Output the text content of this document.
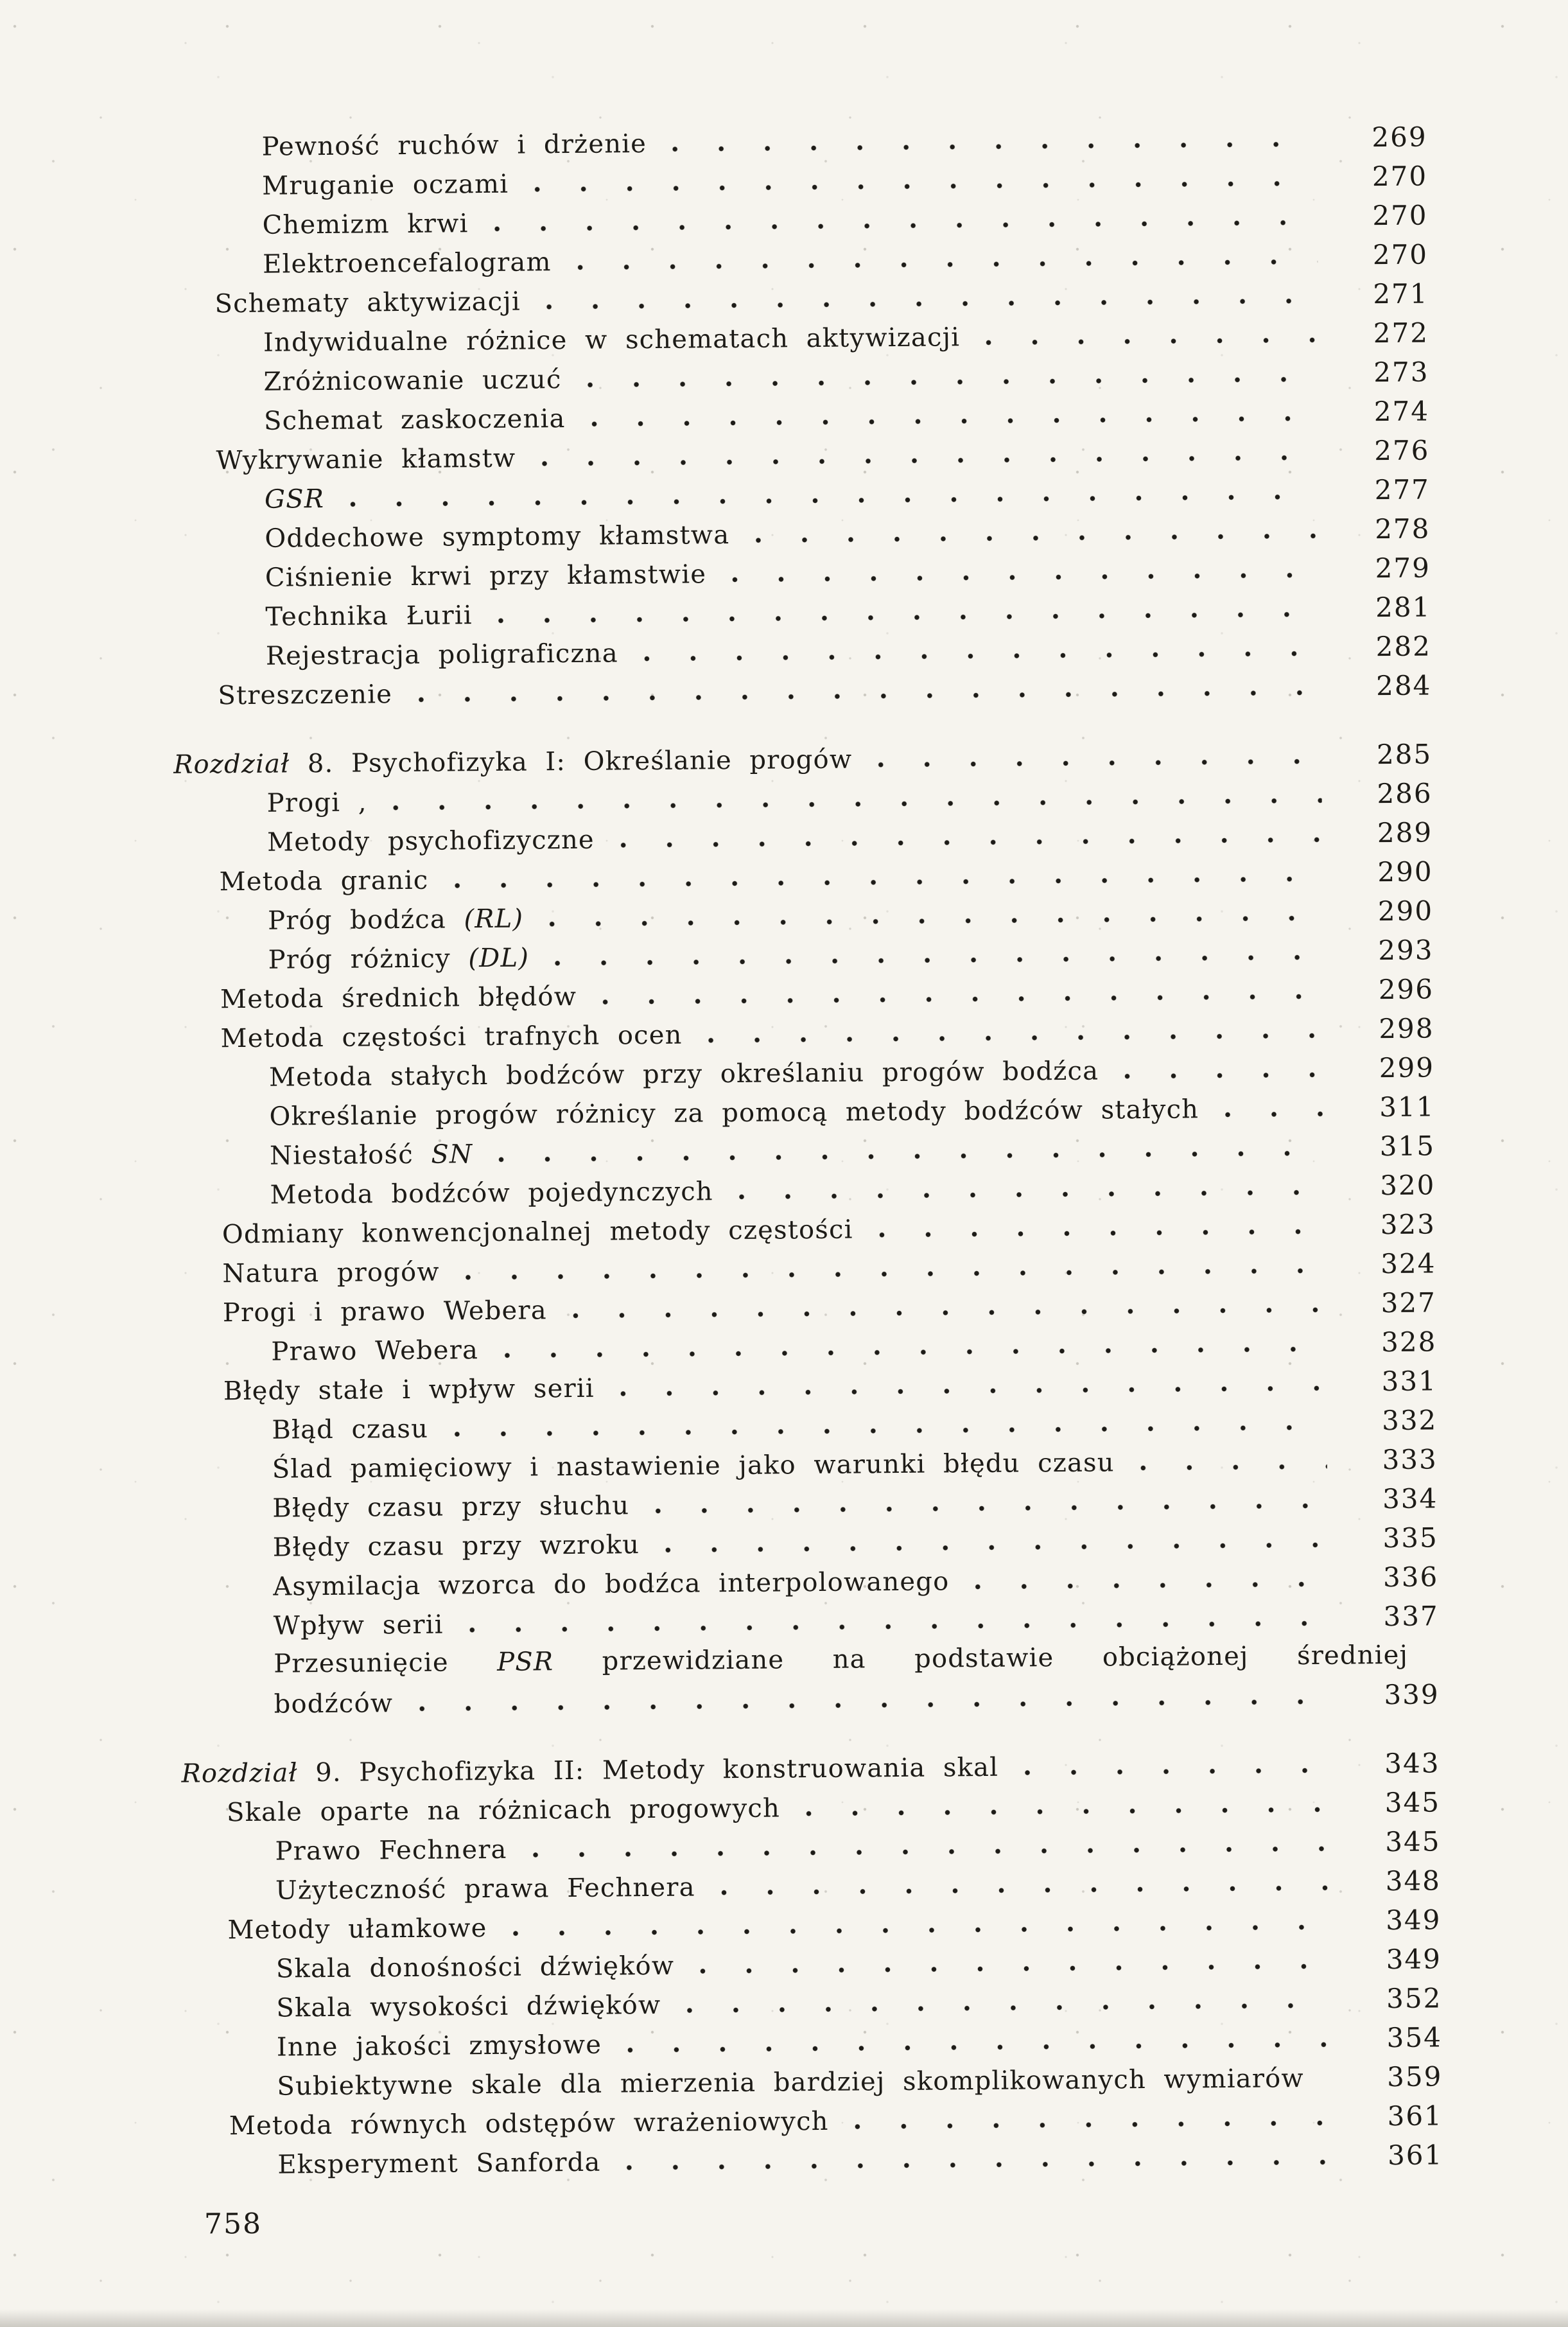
Pewność ruchów i drżenie	269
Mruganie oczami	270
Chemizm krwi	270
Elektroencefalogram	270
Schematy aktywizacji	271
Indywidualne różnice w schematach aktywizacji	272
Zróżnicowanie uczuć	273
Schemat zaskoczenia	274
Wykrywanie kłamstw	276
GSR	277
Oddechowe symptomy kłamstwa	278
Ciśnienie krwi przy kłamstwie	279
Technika Łurii	281
Rejestracja poligraficzna	282
Streszczenie	284
Rozdział 8. Psychofizyka I: Określanie progów	285
Progi ,	286
Metody psychofizyczne	289
Metoda granic	290
Próg bodźca (RL)	290
Próg różnicy (DL)	293
Metoda średnich błędów	296
Metoda częstości trafnych ocen	298
Metoda stałych bodźców przy określaniu progów bodźca	299
Określanie progów różnicy za pomocą metody bodźców stałych	311
Niestałość SN	315
Metoda bodźców pojedynczych	320
Odmiany konwencjonalnej metody częstości	323
Natura progów	324
Progi i prawo Webera	327
Prawo Webera	328
Błędy stałe i wpływ serii	331
Błąd czasu	332
Ślad pamięciowy i nastawienie jako warunki błędu czasu	333
Błędy czasu przy słuchu	334
Błędy czasu przy wzroku	335
Asymilacja wzorca do bodźca interpolowanego	336
Wpływ serii	337
Przesunięcie PSR przewidziane na podstawie obciążonej średniej
bodźców	339
Rozdział 9. Psychofizyka II: Metody konstruowania skal	343
Skale oparte na różnicach progowych	345
Prawo Fechnera	345
Użyteczność prawa Fechnera	348
Metody ułamkowe	349
Skala donośności dźwięków	349
Skala wysokości dźwięków	352
Inne jakości zmysłowe	354
Subiektywne skale dla mierzenia bardziej skomplikowanych wymiarów	359
Metoda równych odstępów wrażeniowych	361
Eksperyment Sanforda	361
758
